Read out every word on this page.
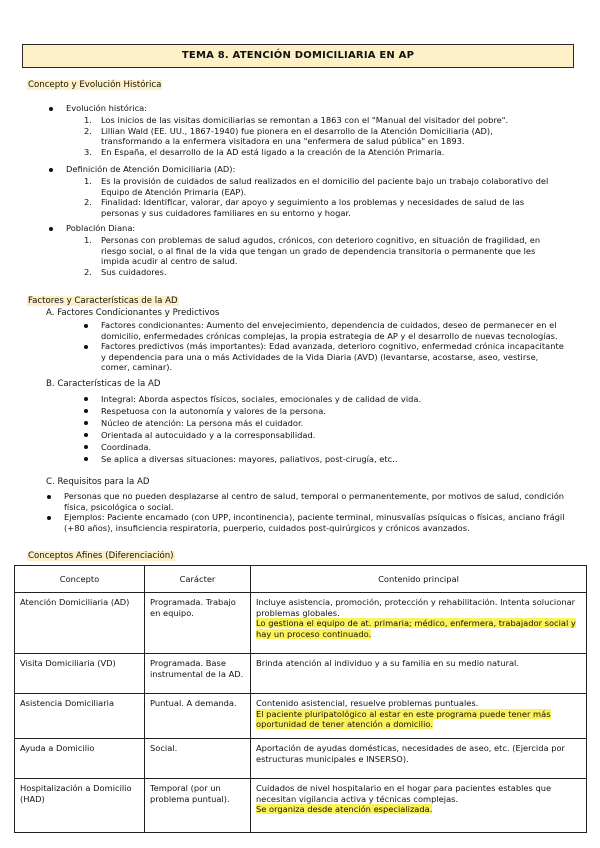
TEMA 8. ATENCIÓN DOMICILIARIA EN AP
Concepto y Evolución Histórica
Evolución histórica:
1. Los inicios de las visitas domiciliarias se remontan a 1863 con el "Manual del visitador del pobre".
2. Lillian Wald (EE. UU., 1867-1940) fue pionera en el desarrollo de la Atención Domiciliaria (AD), transformando a la enfermera visitadora en una "enfermera de salud pública" en 1893.
3. En España, el desarrollo de la AD está ligado a la creación de la Atención Primaria.
Definición de Atención Domiciliaria (AD):
1. Es la provisión de cuidados de salud realizados en el domicilio del paciente bajo un trabajo colaborativo del Equipo de Atención Primaria (EAP).
2. Finalidad: Identificar, valorar, dar apoyo y seguimiento a los problemas y necesidades de salud de las personas y sus cuidadores familiares en su entorno y hogar.
Población Diana:
1. Personas con problemas de salud agudos, crónicos, con deterioro cognitivo, en situación de fragilidad, en riesgo social, o al final de la vida que tengan un grado de dependencia transitoria o permanente que les impida acudir al centro de salud.
2. Sus cuidadores.
Factores y Características de la AD
A. Factores Condicionantes y Predictivos
Factores condicionantes: Aumento del envejecimiento, dependencia de cuidados, deseo de permanecer en el domicilio, enfermedades crónicas complejas, la propia estrategia de AP y el desarrollo de nuevas tecnologías.
Factores predictivos (más importantes): Edad avanzada, deterioro cognitivo, enfermedad crónica incapacitante y dependencia para una o más Actividades de la Vida Diaria (AVD) (levantarse, acostarse, aseo, vestirse, comer, caminar).
B. Características de la AD
Integral: Aborda aspectos físicos, sociales, emocionales y de calidad de vida.
Respetuosa con la autonomía y valores de la persona.
Núcleo de atención: La persona más el cuidador.
Orientada al autocuidado y a la corresponsabilidad.
Coordinada.
Se aplica a diversas situaciones: mayores, paliativos, post-cirugía, etc..
C. Requisitos para la AD
Personas que no pueden desplazarse al centro de salud, temporal o permanentemente, por motivos de salud, condición física, psicológica o social.
Ejemplos: Paciente encamado (con UPP, incontinencia), paciente terminal, minusvalías psíquicas o físicas, anciano frágil (+80 años), insuficiencia respiratoria, puerperio, cuidados post-quirúrgicos y crónicos avanzados.
Conceptos Afines (Diferenciación)
Concepto	Carácter	Contenido principal
Atención Domiciliaria (AD)	Programada. Trabajo en equipo.	Incluye asistencia, promoción, protección y rehabilitación. Intenta solucionar problemas globales.
Lo gestiona el equipo de at. primaria; médico, enfermera, trabajador social y hay un proceso continuado.

Visita Domiciliaria (VD)	Programada. Base instrumental de la AD.	Brinda atención al individuo y a su familia en su medio natural.
Asistencia Domiciliaria	Puntual. A demanda.	Contenido asistencial, resuelve problemas puntuales.
El paciente pluripatológico al estar en este programa puede tener más oportunidad de tener atención a domicilio.

Ayuda a Domicilio	Social.	Aportación de ayudas domésticas, necesidades de aseo, etc. (Ejercida por estructuras municipales e INSERSO).
Hospitalización a Domicilio (HAD)	Temporal (por un problema puntual).	Cuidados de nivel hospitalario en el hogar para pacientes estables que necesitan vigilancia activa y técnicas complejas.
Se organiza desde atención especializada.
